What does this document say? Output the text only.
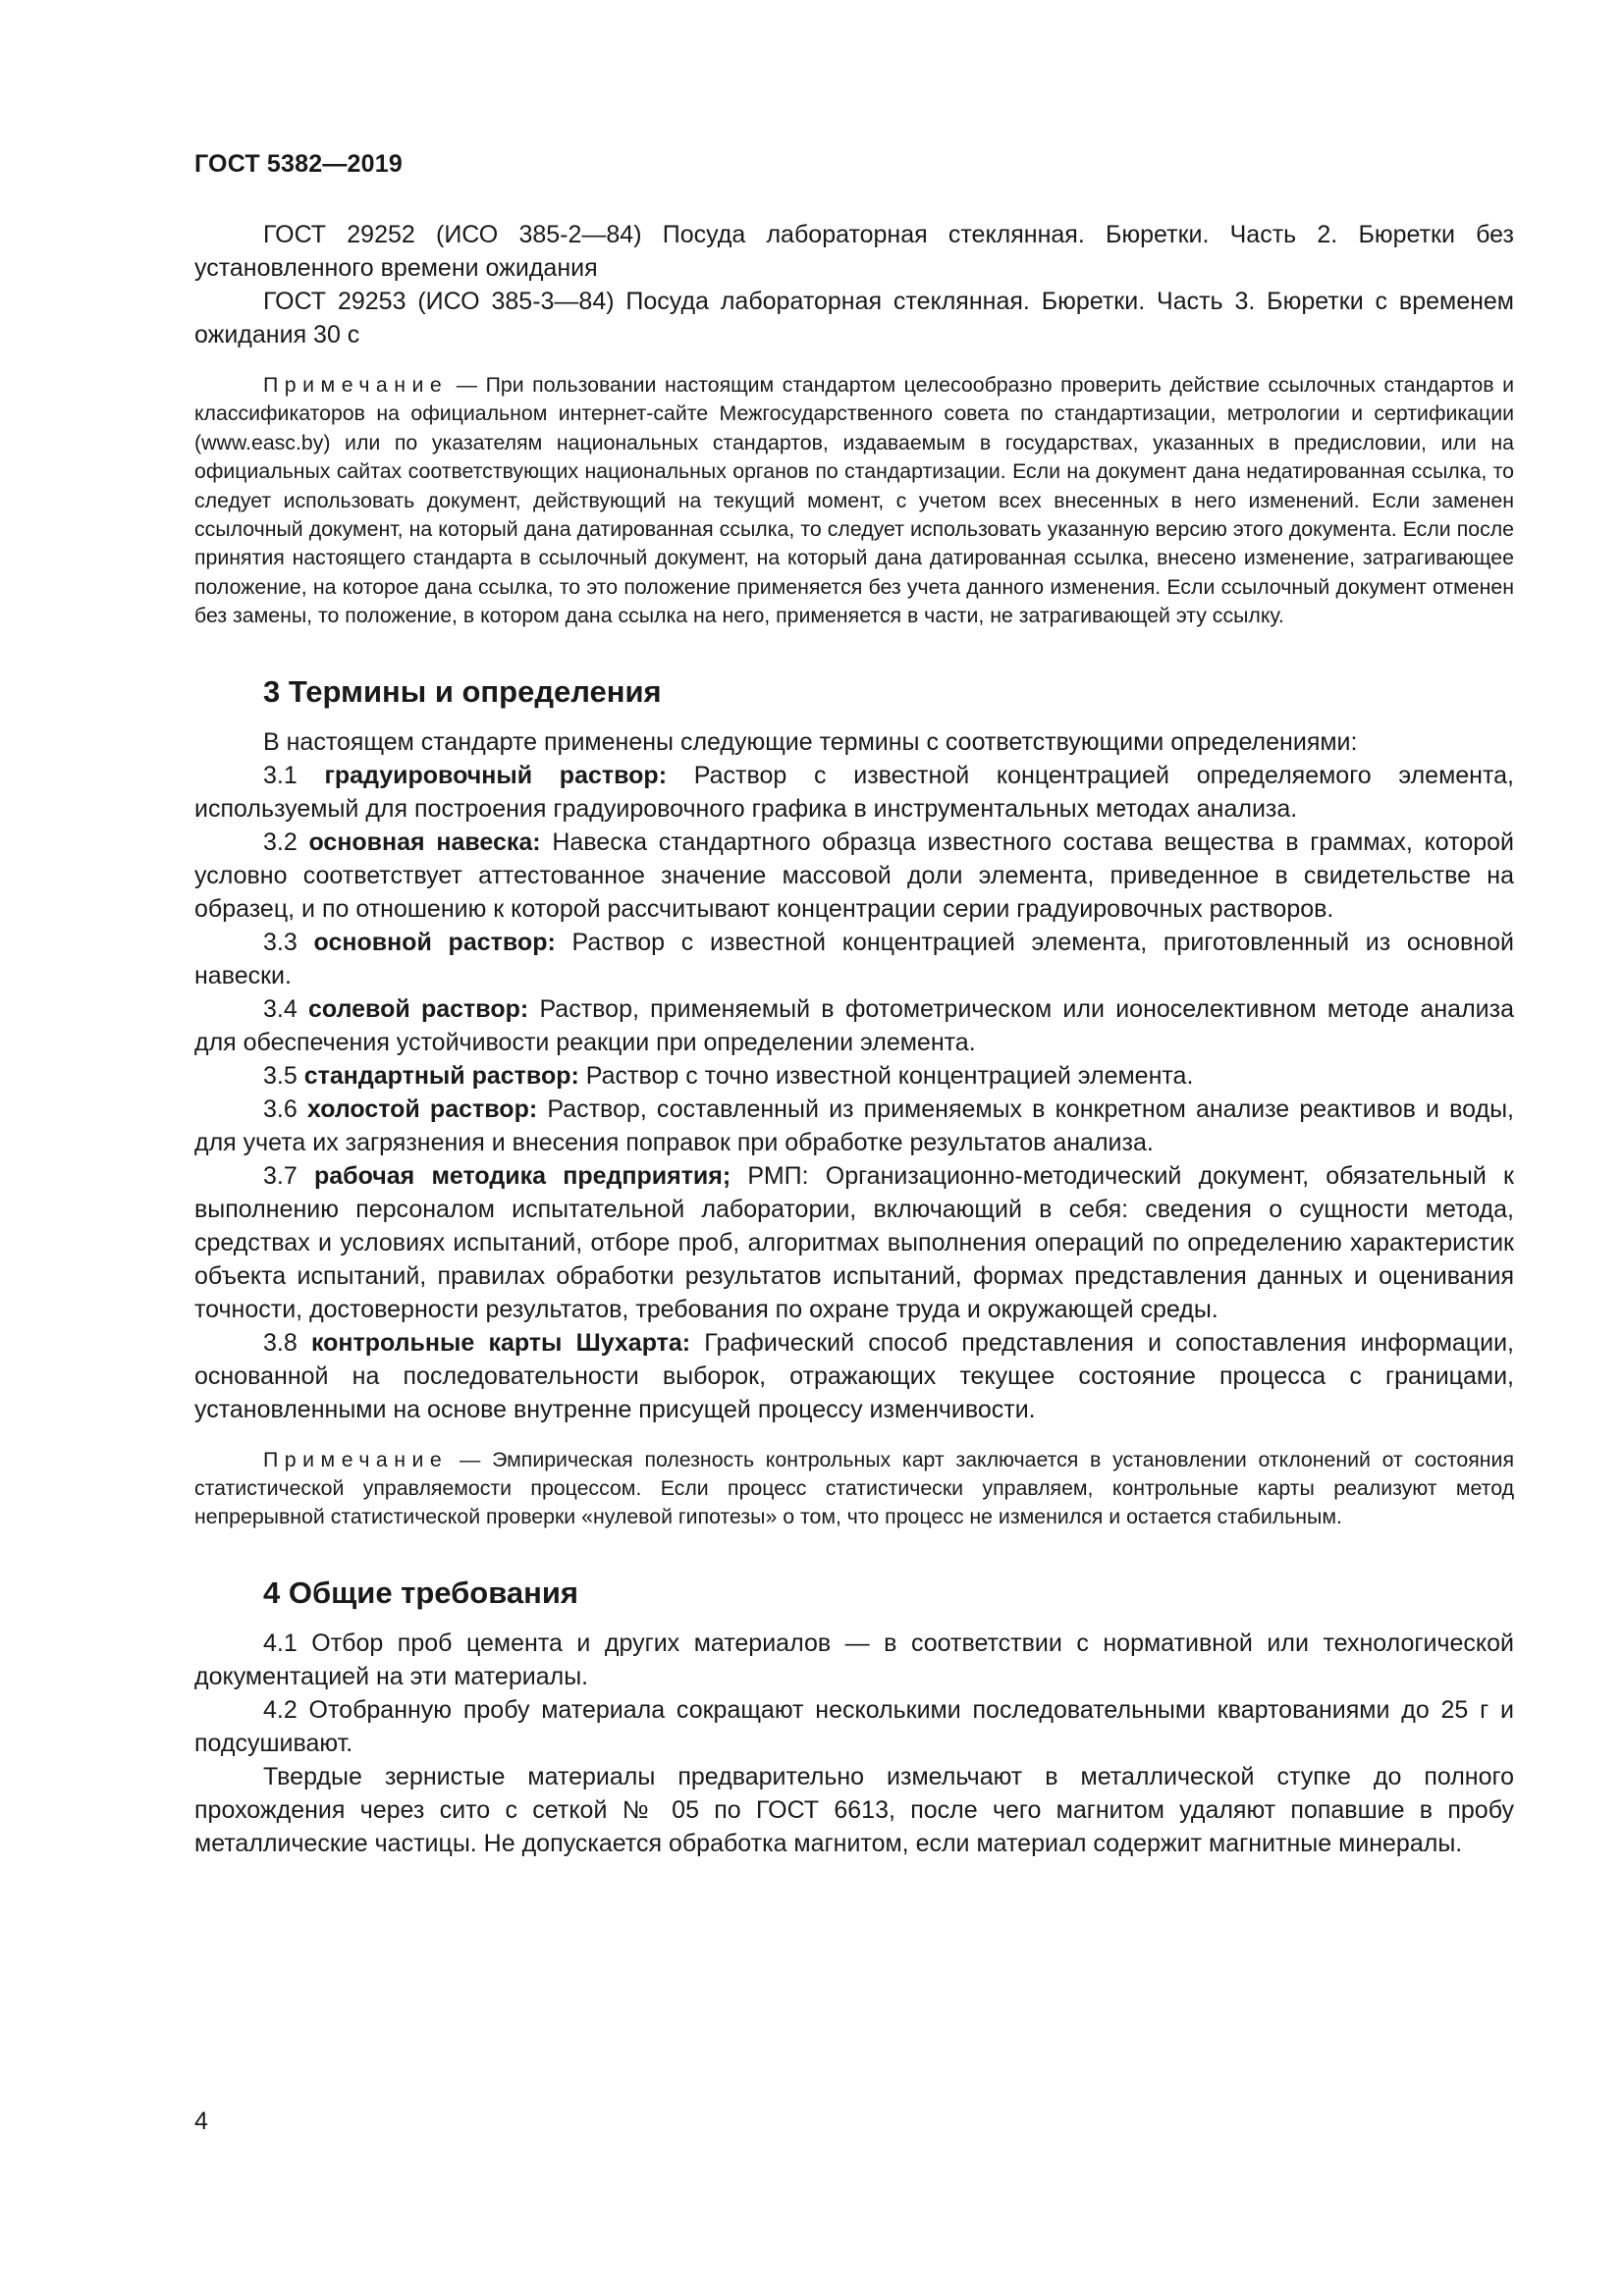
ГОСТ 5382—2019

ГОСТ 29252 (ИСО 385-2—84) Посуда лабораторная стеклянная. Бюретки. Часть 2. Бюретки без установленного времени ожидания

ГОСТ 29253 (ИСО 385-3—84) Посуда лабораторная стеклянная. Бюретки. Часть 3. Бюретки с временем ожидания 30 с

Примечание — При пользовании настоящим стандартом целесообразно проверить действие ссылочных стандартов и классификаторов на официальном интернет-сайте Межгосударственного совета по стандартизации, метрологии и сертификации (www.easc.by) или по указателям национальных стандартов, издаваемым в государствах, указанных в предисловии, или на официальных сайтах соответствующих национальных органов по стандартизации. Если на документ дана недатированная ссылка, то следует использовать документ, действующий на текущий момент, с учетом всех внесенных в него изменений. Если заменен ссылочный документ, на который дана датированная ссылка, то следует использовать указанную версию этого документа. Если после принятия настоящего стандарта в ссылочный документ, на который дана датированная ссылка, внесено изменение, затрагивающее положение, на которое дана ссылка, то это положение применяется без учета данного изменения. Если ссылочный документ отменен без замены, то положение, в котором дана ссылка на него, применяется в части, не затрагивающей эту ссылку.

3 Термины и определения

В настоящем стандарте применены следующие термины с соответствующими определениями:

3.1 градуировочный раствор: Раствор с известной концентрацией определяемого элемента, используемый для построения градуировочного графика в инструментальных методах анализа.

3.2 основная навеска: Навеска стандартного образца известного состава вещества в граммах, которой условно соответствует аттестованное значение массовой доли элемента, приведенное в свидетельстве на образец, и по отношению к которой рассчитывают концентрации серии градуировочных растворов.

3.3 основной раствор: Раствор с известной концентрацией элемента, приготовленный из основной навески.

3.4 солевой раствор: Раствор, применяемый в фотометрическом или ионоселективном методе анализа для обеспечения устойчивости реакции при определении элемента.

3.5 стандартный раствор: Раствор с точно известной концентрацией элемента.

3.6 холостой раствор: Раствор, составленный из применяемых в конкретном анализе реактивов и воды, для учета их загрязнения и внесения поправок при обработке результатов анализа.

3.7 рабочая методика предприятия; РМП: Организационно-методический документ, обязательный к выполнению персоналом испытательной лаборатории, включающий в себя: сведения о сущности метода, средствах и условиях испытаний, отборе проб, алгоритмах выполнения операций по определению характеристик объекта испытаний, правилах обработки результатов испытаний, формах представления данных и оценивания точности, достоверности результатов, требования по охране труда и окружающей среды.

3.8 контрольные карты Шухарта: Графический способ представления и сопоставления информации, основанной на последовательности выборок, отражающих текущее состояние процесса с границами, установленными на основе внутренне присущей процессу изменчивости.

Примечание — Эмпирическая полезность контрольных карт заключается в установлении отклонений от состояния статистической управляемости процессом. Если процесс статистически управляем, контрольные карты реализуют метод непрерывной статистической проверки «нулевой гипотезы» о том, что процесс не изменился и остается стабильным.

4 Общие требования

4.1 Отбор проб цемента и других материалов — в соответствии с нормативной или технологической документацией на эти материалы.

4.2 Отобранную пробу материала сокращают несколькими последовательными квартованиями до 25 г и подсушивают.

Твердые зернистые материалы предварительно измельчают в металлической ступке до полного прохождения через сито с сеткой № 05 по ГОСТ 6613, после чего магнитом удаляют попавшие в пробу металлические частицы. Не допускается обработка магнитом, если материал содержит магнитные минералы.

4
